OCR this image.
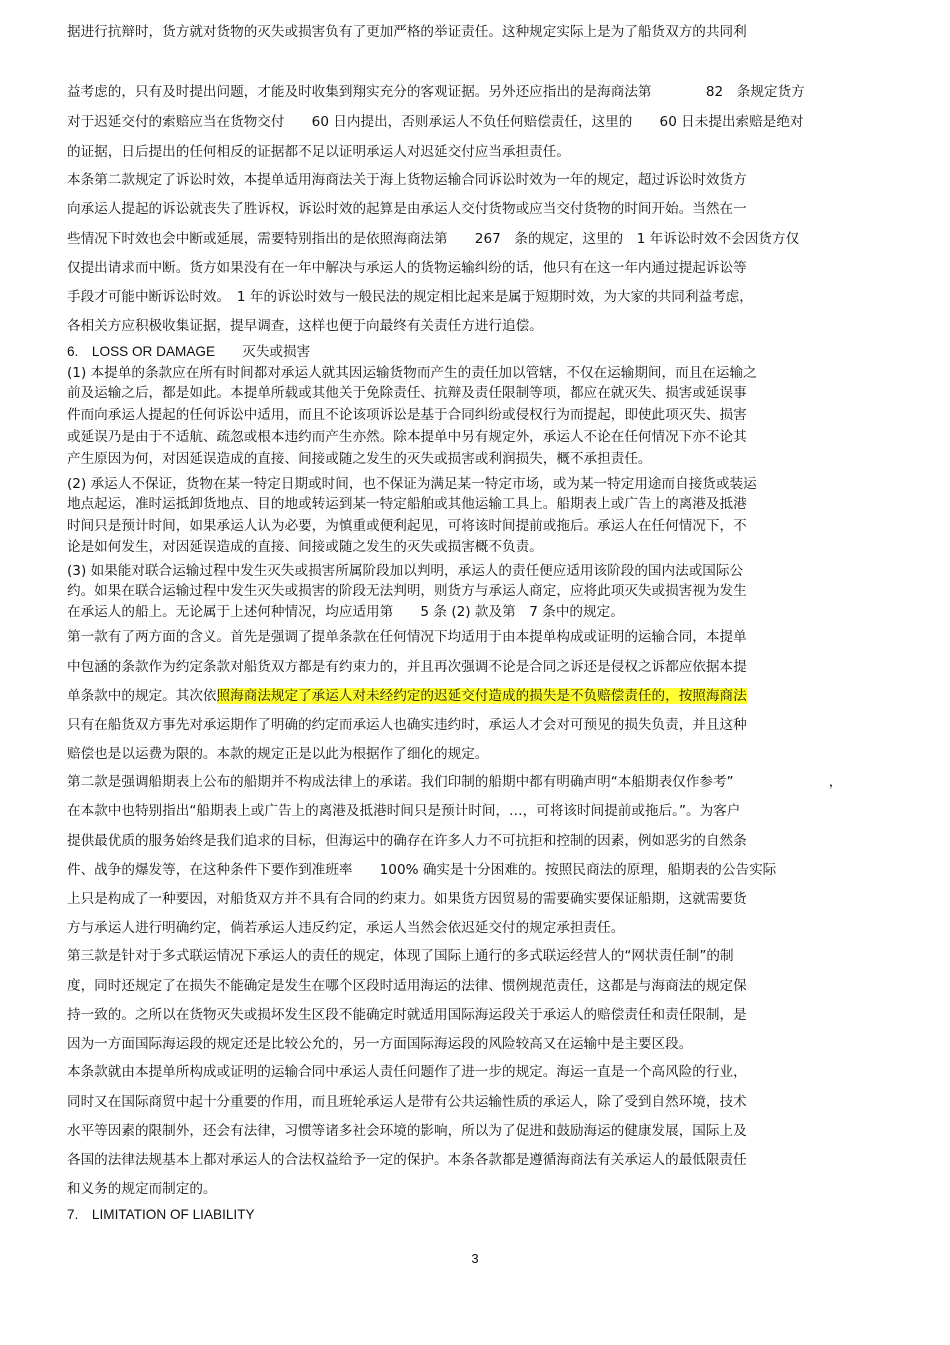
据进行抗辩时，货方就对货物的灭失或损害负有了更加严格的举证责任。这种规定实际上是为了船货双方的共同利
益考虑的，只有及时提出问题，才能及时收集到翔实充分的客观证据。另外还应指出的是海商法第　　　　82　条规定货方
对于迟延交付的索赔应当在货物交付　　60 日内提出，否则承运人不负任何赔偿责任，这里的　　60 日未提出索赔是绝对
的证据，日后提出的任何相反的证据都不足以证明承运人对迟延交付应当承担责任。
本条第二款规定了诉讼时效，本提单适用海商法关于海上货物运输合同诉讼时效为一年的规定，超过诉讼时效货方
向承运人提起的诉讼就丧失了胜诉权，诉讼时效的起算是由承运人交付货物或应当交付货物的时间开始。当然在一
些情况下时效也会中断或延展，需要特别指出的是依照海商法第　　267　条的规定，这里的　1 年诉讼时效不会因货方仅
仅提出请求而中断。货方如果没有在一年中解决与承运人的货物运输纠纷的话，他只有在这一年内通过提起诉讼等
手段才可能中断诉讼时效。　1 年的诉讼时效与一般民法的规定相比起来是属于短期时效，为大家的共同利益考虑，
各相关方应积极收集证据，提早调查，这样也便于向最终有关责任方进行追偿。
6.　LOSS OR DAMAGE　　灭失或损害
(1) 本提单的条款应在所有时间都对承运人就其因运输货物而产生的责任加以管辖，不仅在运输期间，而且在运输之
前及运输之后，都是如此。本提单所载或其他关于免除责任、抗辩及责任限制等项，都应在就灭失、损害或延误事
件而向承运人提起的任何诉讼中适用，而且不论该项诉讼是基于合同纠纷或侵权行为而提起，即使此项灭失、损害
或延误乃是由于不适航、疏忽或根本违约而产生亦然。除本提单中另有规定外，承运人不论在任何情况下亦不论其
产生原因为何，对因延误造成的直接、间接或随之发生的灭失或损害或利润损失，概不承担责任。
(2) 承运人不保证，货物在某一特定日期或时间，也不保证为满足某一特定市场，或为某一特定用途而自接货或装运
地点起运，准时运抵卸货地点、目的地或转运到某一特定船舶或其他运输工具上。船期表上或广告上的离港及抵港
时间只是预计时间，如果承运人认为必要，为慎重或便利起见，可将该时间提前或拖后。承运人在任何情况下，不
论是如何发生，对因延误造成的直接、间接或随之发生的灭失或损害概不负责。
(3) 如果能对联合运输过程中发生灭失或损害所属阶段加以判明，承运人的责任便应适用该阶段的国内法或国际公
约。如果在联合运输过程中发生灭失或损害的阶段无法判明，则货方与承运人商定，应将此项灭失或损害视为发生
在承运人的船上。无论属于上述何种情况，均应适用第　　5 条 (2) 款及第　7 条中的规定。
第一款有了两方面的含义。首先是强调了提单条款在任何情况下均适用于由本提单构成或证明的运输合同，本提单
中包涵的条款作为约定条款对船货双方都是有约束力的，并且再次强调不论是合同之诉还是侵权之诉都应依据本提
单条款中的规定。其次依照海商法规定了承运人对未经约定的迟延交付造成的损失是不负赔偿责任的，按照海商法
只有在船货双方事先对承运期作了明确的约定而承运人也确实违约时，承运人才会对可预见的损失负责，并且这种
赔偿也是以运费为限的。本款的规定正是以此为根据作了细化的规定。
第二款是强调船期表上公布的船期并不构成法律上的承诺。我们印制的船期中都有明确声明“本船期表仅作参考”　　　　　　　，
在本款中也特别指出“船期表上或广告上的离港及抵港时间只是预计时间，…，可将该时间提前或拖后。”。为客户
提供最优质的服务始终是我们追求的目标，但海运中的确存在许多人力不可抗拒和控制的因素，例如恶劣的自然条
件、战争的爆发等，在这种条件下要作到准班率　　100% 确实是十分困难的。按照民商法的原理，船期表的公告实际
上只是构成了一种要因，对船货双方并不具有合同的约束力。如果货方因贸易的需要确实要保证船期，这就需要货
方与承运人进行明确约定，倘若承运人违反约定，承运人当然会依迟延交付的规定承担责任。
第三款是针对于多式联运情况下承运人的责任的规定，体现了国际上通行的多式联运经营人的“网状责任制”的制
度，同时还规定了在损失不能确定是发生在哪个区段时适用海运的法律、惯例规范责任，这都是与海商法的规定保
持一致的。之所以在货物灭失或损坏发生区段不能确定时就适用国际海运段关于承运人的赔偿责任和责任限制，是
因为一方面国际海运段的规定还是比较公允的，另一方面国际海运段的风险较高又在运输中是主要区段。
本条款就由本提单所构成或证明的运输合同中承运人责任问题作了进一步的规定。海运一直是一个高风险的行业，
同时又在国际商贸中起十分重要的作用，而且班轮承运人是带有公共运输性质的承运人，除了受到自然环境，技术
水平等因素的限制外，还会有法律，习惯等诸多社会环境的影响，所以为了促进和鼓励海运的健康发展，国际上及
各国的法律法规基本上都对承运人的合法权益给予一定的保护。本条各款都是遵循海商法有关承运人的最低限责任
和义务的规定而制定的。
7.　LIMITATION OF LIABILITY
3
